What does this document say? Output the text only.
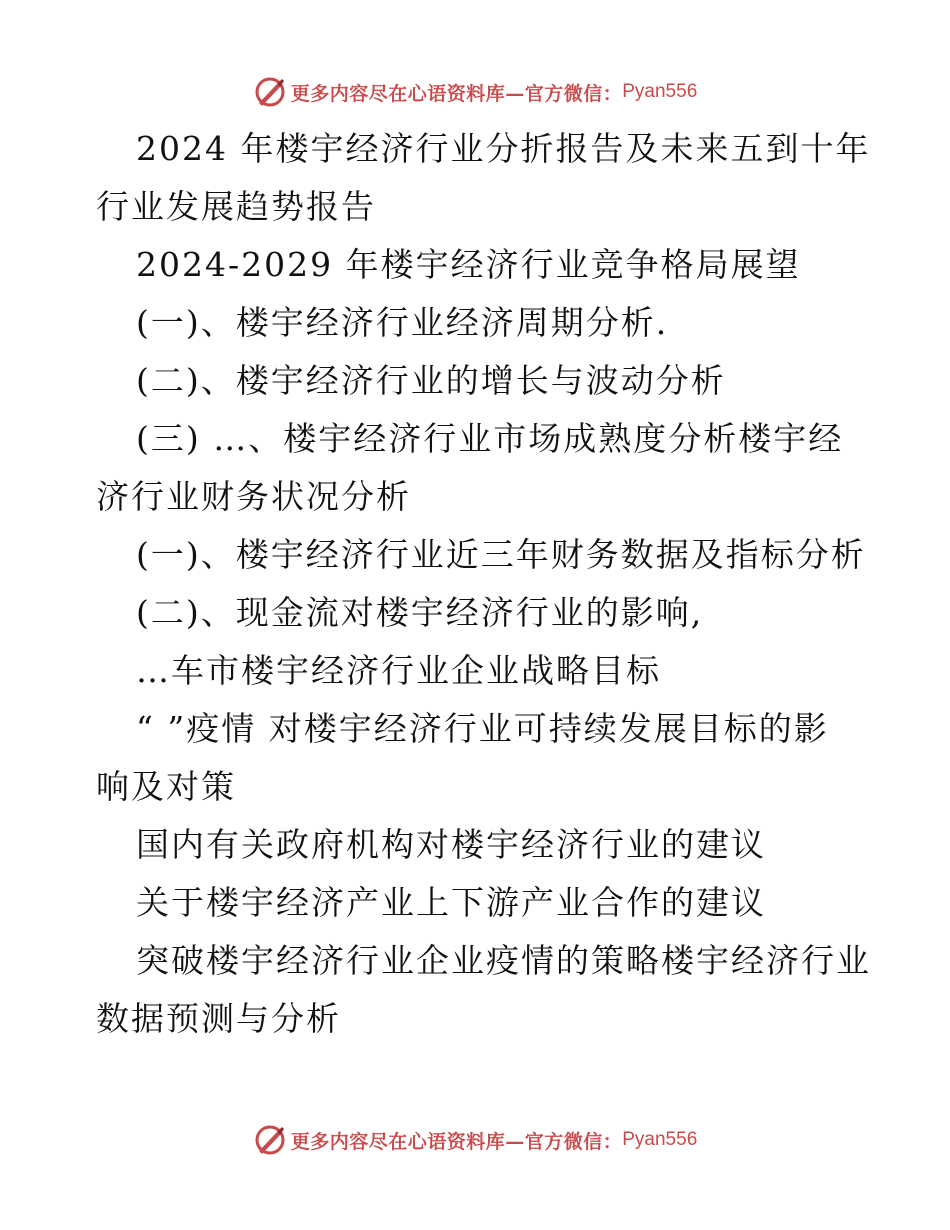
更多内容尽在心语资料库—官方微信： Pyan556
2024 年楼宇经济行业分折报告及未来五到十年
行业发展趋势报告
2024-2029 年楼宇经济行业竞争格局展望
(一)、楼宇经济行业经济周期分析.
(二)、楼宇经济行业的增长与波动分析
(三) …、楼宇经济行业市场成熟度分析楼宇经
济行业财务状况分析
(一)、楼宇经济行业近三年财务数据及指标分析
(二)、现金流对楼宇经济行业的影响,
…车市楼宇经济行业企业战略目标
“ ”疫情 对楼宇经济行业可持续发展目标的影
响及对策
国内有关政府机构对楼宇经济行业的建议
关于楼宇经济产业上下游产业合作的建议
突破楼宇经济行业企业疫情的策略楼宇经济行业
数据预测与分析
更多内容尽在心语资料库—官方微信： Pyan556
